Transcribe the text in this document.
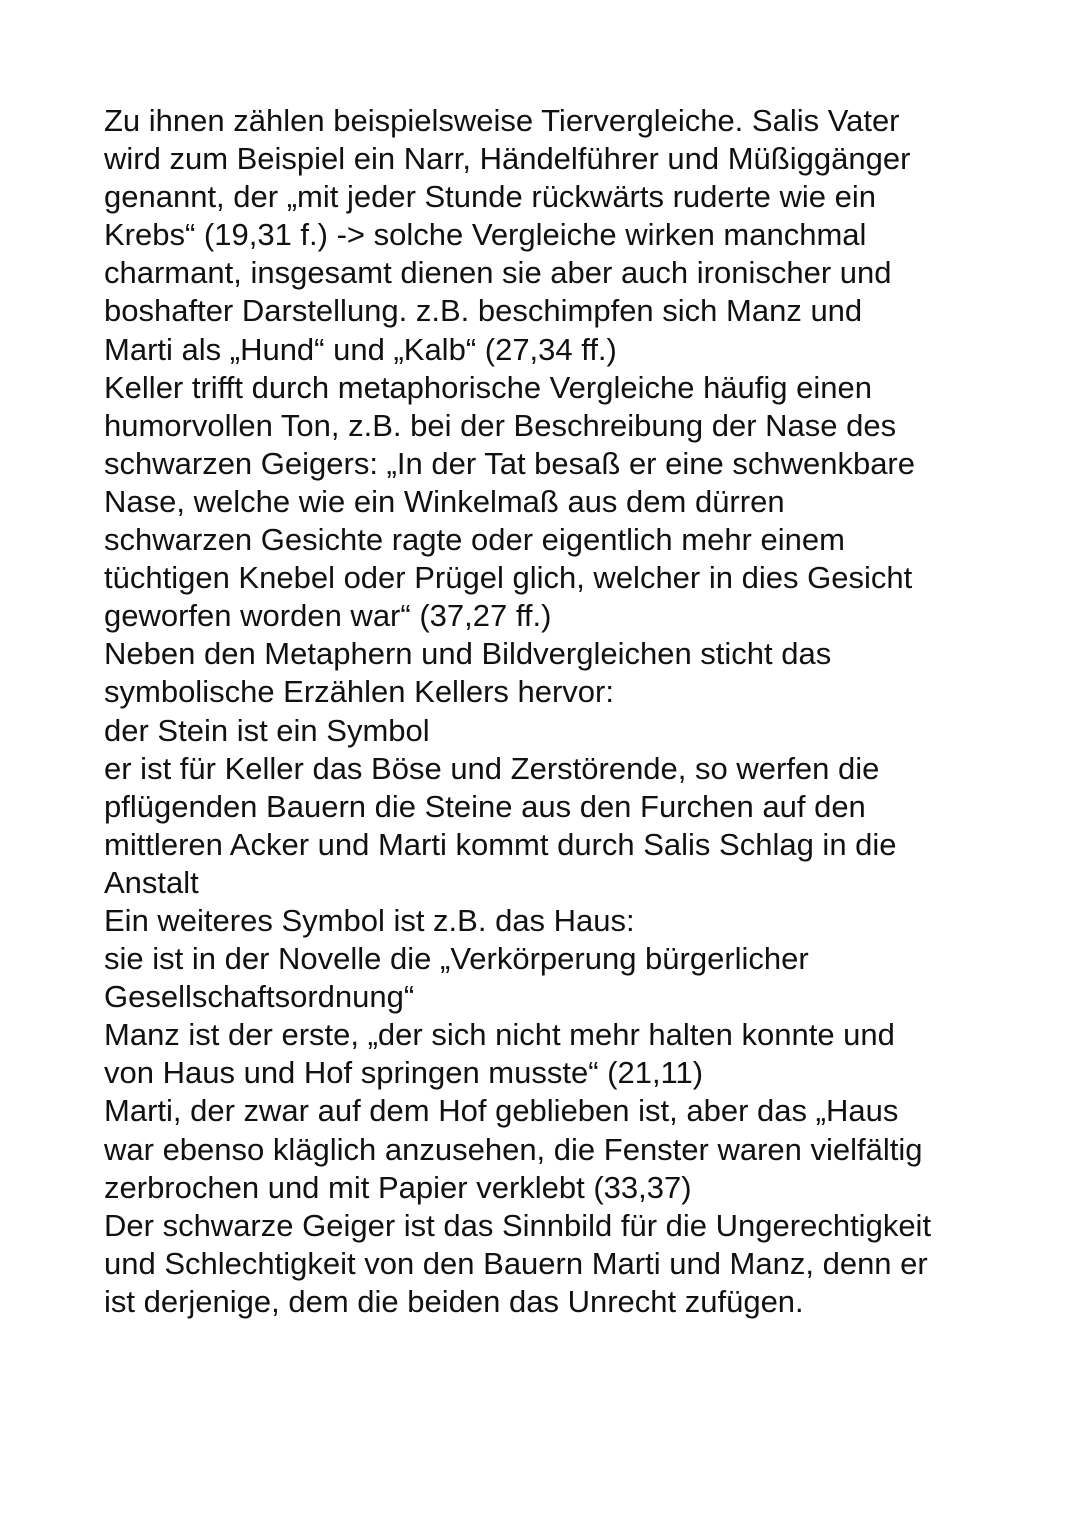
Zu ihnen zählen beispielsweise Tiervergleiche. Salis Vater
wird zum Beispiel ein Narr, Händelführer und Müßiggänger
genannt, der „mit jeder Stunde rückwärts ruderte wie ein
Krebs“ (19,31 f.) -> solche Vergleiche wirken manchmal
charmant, insgesamt dienen sie aber auch ironischer und
boshafter Darstellung. z.B. beschimpfen sich Manz und
Marti als „Hund“ und „Kalb“ (27,34 ff.)
Keller trifft durch metaphorische Vergleiche häufig einen
humorvollen Ton, z.B. bei der Beschreibung der Nase des
schwarzen Geigers: „In der Tat besaß er eine schwenkbare
Nase, welche wie ein Winkelmaß aus dem dürren
schwarzen Gesichte ragte oder eigentlich mehr einem
tüchtigen Knebel oder Prügel glich, welcher in dies Gesicht
geworfen worden war“ (37,27 ff.)
Neben den Metaphern und Bildvergleichen sticht das
symbolische Erzählen Kellers hervor:
der Stein ist ein Symbol
er ist für Keller das Böse und Zerstörende, so werfen die
pflügenden Bauern die Steine aus den Furchen auf den
mittleren Acker und Marti kommt durch Salis Schlag in die
Anstalt
Ein weiteres Symbol ist z.B. das Haus:
sie ist in der Novelle die „Verkörperung bürgerlicher
Gesellschaftsordnung“
Manz ist der erste, „der sich nicht mehr halten konnte und
von Haus und Hof springen musste“ (21,11)
Marti, der zwar auf dem Hof geblieben ist, aber das „Haus
war ebenso kläglich anzusehen, die Fenster waren vielfältig
zerbrochen und mit Papier verklebt (33,37)
Der schwarze Geiger ist das Sinnbild für die Ungerechtigkeit
und Schlechtigkeit von den Bauern Marti und Manz, denn er
ist derjenige, dem die beiden das Unrecht zufügen.
